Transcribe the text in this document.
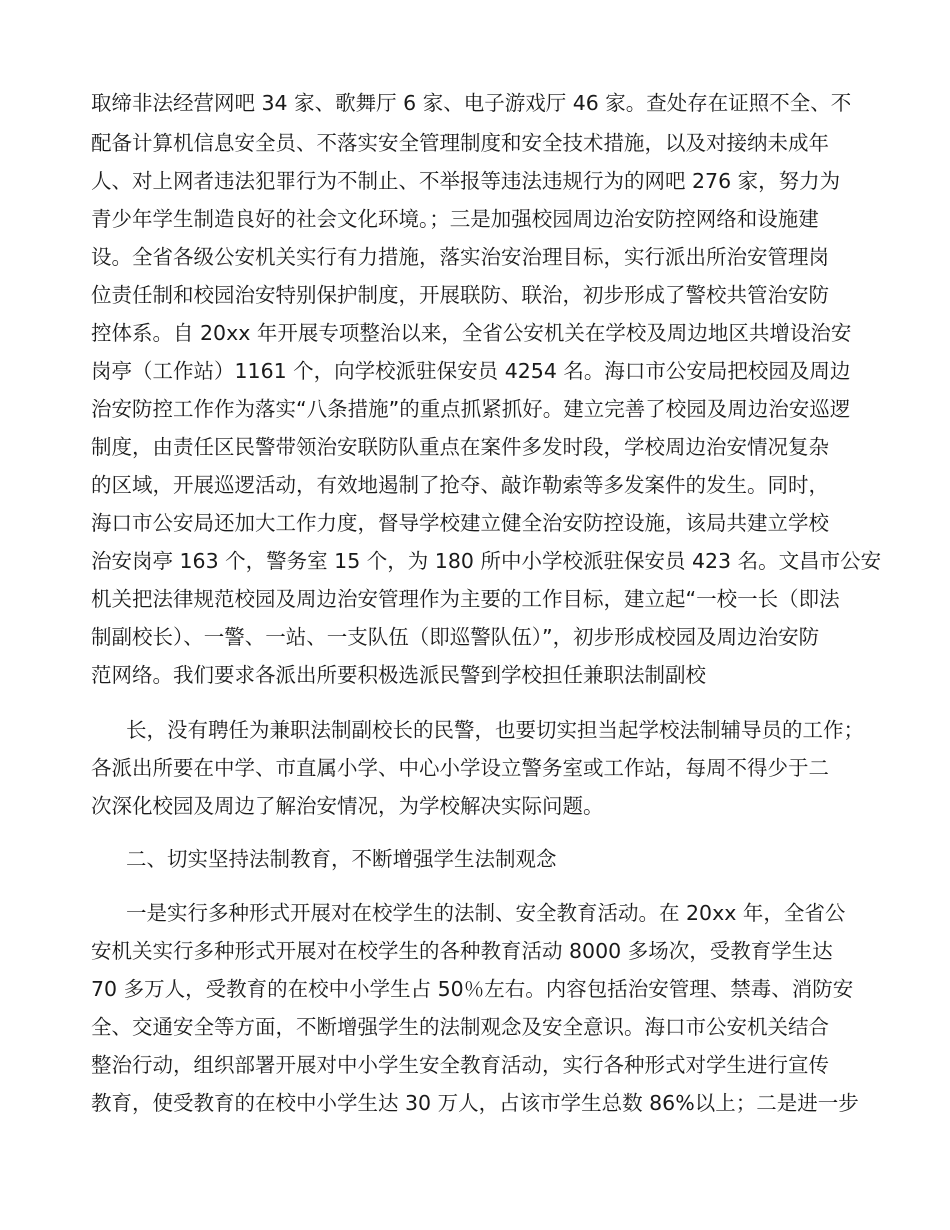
取缔非法经营网吧 34 家、歌舞厅 6 家、电子游戏厅 46 家。查处存在证照不全、不
配备计算机信息安全员、不落实安全管理制度和安全技术措施，以及对接纳未成年
人、对上网者违法犯罪行为不制止、不举报等违法违规行为的网吧 276 家，努力为
青少年学生制造良好的社会文化环境。；三是加强校园周边治安防控网络和设施建
设。全省各级公安机关实行有力措施，落实治安治理目标，实行派出所治安管理岗
位责任制和校园治安特别保护制度，开展联防、联治，初步形成了警校共管治安防
控体系。自 20xx 年开展专项整治以来，全省公安机关在学校及周边地区共增设治安
岗亭（工作站）1161 个，向学校派驻保安员 4254 名。海口市公安局把校园及周边
治安防控工作作为落实“八条措施”的重点抓紧抓好。建立完善了校园及周边治安巡逻
制度，由责任区民警带领治安联防队重点在案件多发时段，学校周边治安情况复杂
的区域，开展巡逻活动，有效地遏制了抢夺、敲诈勒索等多发案件的发生。同时，
海口市公安局还加大工作力度，督导学校建立健全治安防控设施，该局共建立学校
治安岗亭 163 个，警务室 15 个，为 180 所中小学校派驻保安员 423 名。文昌市公安
机关把法律规范校园及周边治安管理作为主要的工作目标，建立起“一校一长（即法
制副校长）、一警、一站、一支队伍（即巡警队伍）”，初步形成校园及周边治安防
范网络。我们要求各派出所要积极选派民警到学校担任兼职法制副校
长，没有聘任为兼职法制副校长的民警，也要切实担当起学校法制辅导员的工作；
各派出所要在中学、市直属小学、中心小学设立警务室或工作站，每周不得少于二
次深化校园及周边了解治安情况，为学校解决实际问题。
二、切实坚持法制教育，不断增强学生法制观念
一是实行多种形式开展对在校学生的法制、安全教育活动。在 20xx 年，全省公
安机关实行多种形式开展对在校学生的各种教育活动 8000 多场次，受教育学生达
70 多万人，受教育的在校中小学生占 50％左右。内容包括治安管理、禁毒、消防安
全、交通安全等方面，不断增强学生的法制观念及安全意识。海口市公安机关结合
整治行动，组织部署开展对中小学生安全教育活动，实行各种形式对学生进行宣传
教育，使受教育的在校中小学生达 30 万人，占该市学生总数 86%以上；二是进一步
